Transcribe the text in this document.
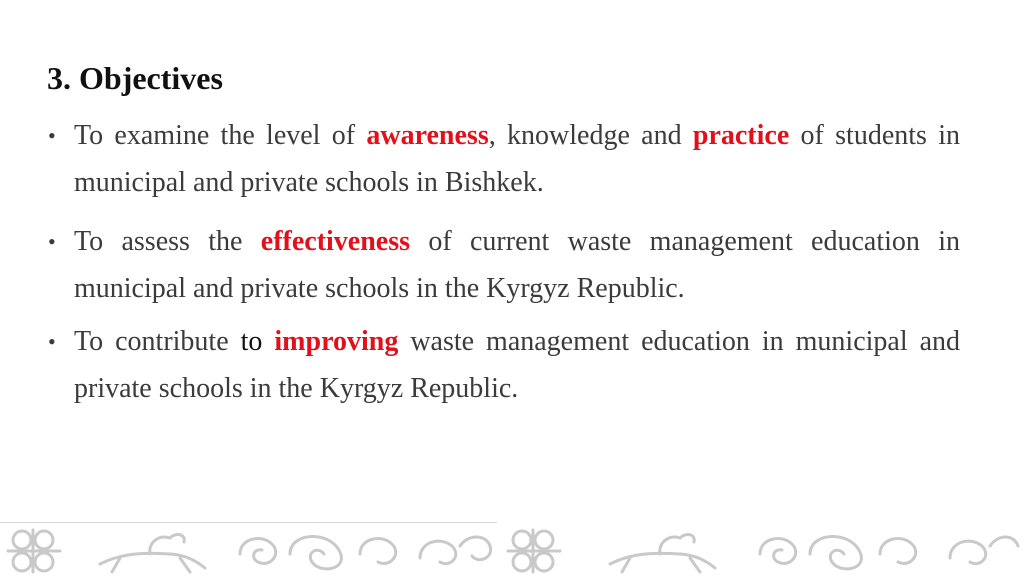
3. Objectives
• To examine the level of awareness, knowledge and practice of students in municipal and private schools in Bishkek.
• To assess the effectiveness of current waste management education in municipal and private schools in the Kyrgyz Republic.
• To contribute to improving waste management education in municipal and private schools in the Kyrgyz Republic.
